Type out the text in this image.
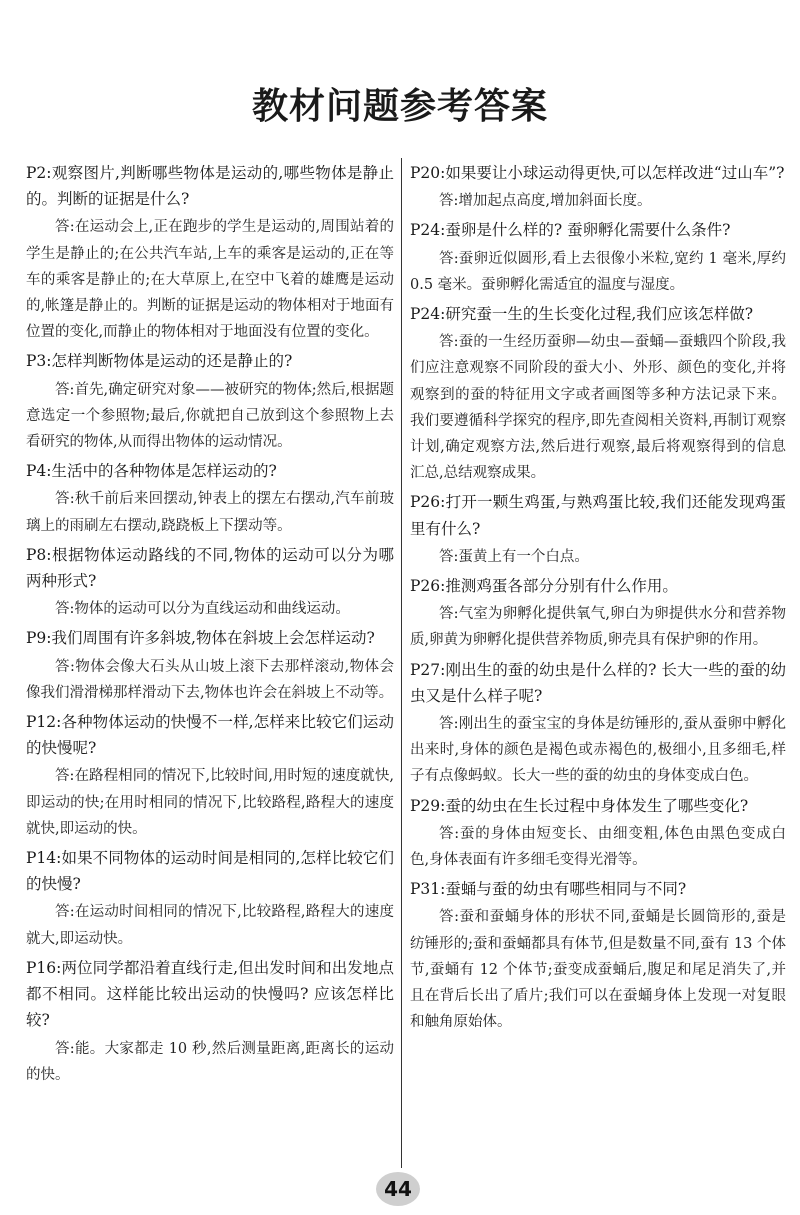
教材问题参考答案

P2:观察图片,判断哪些物体是运动的,哪些物体是静止的。判断的证据是什么?

答:在运动会上,正在跑步的学生是运动的,周围站着的学生是静止的;在公共汽车站,上车的乘客是运动的,正在等车的乘客是静止的;在大草原上,在空中飞着的雄鹰是运动的,帐篷是静止的。判断的证据是运动的物体相对于地面有位置的变化,而静止的物体相对于地面没有位置的变化。

P3:怎样判断物体是运动的还是静止的?

答:首先,确定研究对象——被研究的物体;然后,根据题意选定一个参照物;最后,你就把自己放到这个参照物上去看研究的物体,从而得出物体的运动情况。

P4:生活中的各种物体是怎样运动的?

答:秋千前后来回摆动,钟表上的摆左右摆动,汽车前玻璃上的雨刷左右摆动,跷跷板上下摆动等。

P8:根据物体运动路线的不同,物体的运动可以分为哪两种形式?

答:物体的运动可以分为直线运动和曲线运动。

P9:我们周围有许多斜坡,物体在斜坡上会怎样运动?

答:物体会像大石头从山坡上滚下去那样滚动,物体会像我们滑滑梯那样滑动下去,物体也许会在斜坡上不动等。

P12:各种物体运动的快慢不一样,怎样来比较它们运动的快慢呢?

答:在路程相同的情况下,比较时间,用时短的速度就快,即运动的快;在用时相同的情况下,比较路程,路程大的速度就快,即运动的快。

P14:如果不同物体的运动时间是相同的,怎样比较它们的快慢?

答:在运动时间相同的情况下,比较路程,路程大的速度就大,即运动快。

P16:两位同学都沿着直线行走,但出发时间和出发地点都不相同。这样能比较出运动的快慢吗? 应该怎样比较?

答:能。大家都走 10 秒,然后测量距离,距离长的运动的快。

P20:如果要让小球运动得更快,可以怎样改进“过山车”?

答:增加起点高度,增加斜面长度。

P24:蚕卵是什么样的? 蚕卵孵化需要什么条件?

答:蚕卵近似圆形,看上去很像小米粒,宽约 1 毫米,厚约 0.5 毫米。蚕卵孵化需适宜的温度与湿度。

P24:研究蚕一生的生长变化过程,我们应该怎样做?

答:蚕的一生经历蚕卵—幼虫—蚕蛹—蚕蛾四个阶段,我们应注意观察不同阶段的蚕大小、外形、颜色的变化,并将观察到的蚕的特征用文字或者画图等多种方法记录下来。我们要遵循科学探究的程序,即先查阅相关资料,再制订观察计划,确定观察方法,然后进行观察,最后将观察得到的信息汇总,总结观察成果。

P26:打开一颗生鸡蛋,与熟鸡蛋比较,我们还能发现鸡蛋里有什么?

答:蛋黄上有一个白点。

P26:推测鸡蛋各部分分别有什么作用。

答:气室为卵孵化提供氧气,卵白为卵提供水分和营养物质,卵黄为卵孵化提供营养物质,卵壳具有保护卵的作用。

P27:刚出生的蚕的幼虫是什么样的? 长大一些的蚕的幼虫又是什么样子呢?

答:刚出生的蚕宝宝的身体是纺锤形的,蚕从蚕卵中孵化出来时,身体的颜色是褐色或赤褐色的,极细小,且多细毛,样子有点像蚂蚁。长大一些的蚕的幼虫的身体变成白色。

P29:蚕的幼虫在生长过程中身体发生了哪些变化?

答:蚕的身体由短变长、由细变粗,体色由黑色变成白色,身体表面有许多细毛变得光滑等。

P31:蚕蛹与蚕的幼虫有哪些相同与不同?

答:蚕和蚕蛹身体的形状不同,蚕蛹是长圆筒形的,蚕是纺锤形的;蚕和蚕蛹都具有体节,但是数量不同,蚕有 13 个体节,蚕蛹有 12 个体节;蚕变成蚕蛹后,腹足和尾足消失了,并且在背后长出了盾片;我们可以在蚕蛹身体上发现一对复眼和触角原始体。

44
